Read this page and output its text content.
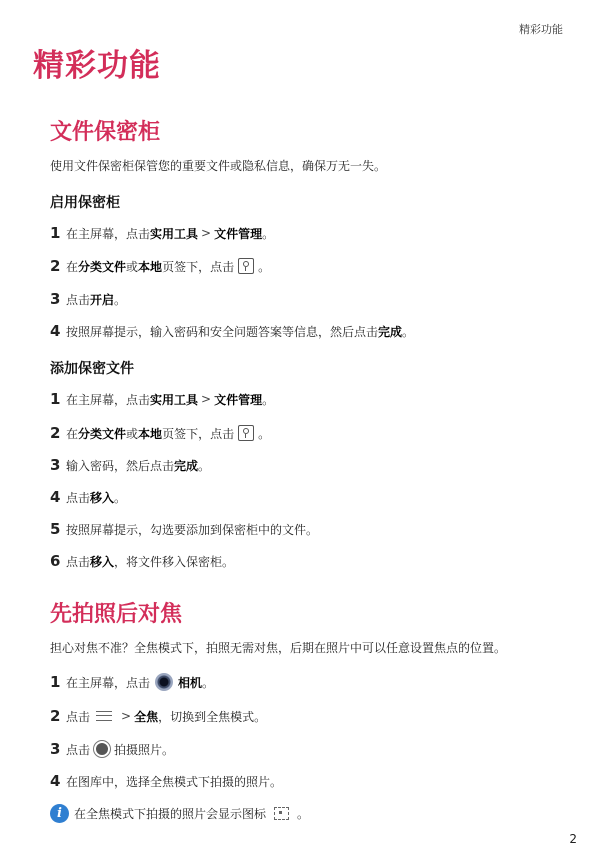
精彩功能
精彩功能
文件保密柜
使用文件保密柜保管您的重要文件或隐私信息，确保万无一失。
启用保密柜
1 在主屏幕，点击 实用工具 > 文件管理 。
2 在 分类文件 或 本地 页签下，点击 。
3 点击 开启 。
4 按照屏幕提示，输入密码和安全问题答案等信息，然后点击 完成 。
添加保密文件
1 在主屏幕，点击 实用工具 > 文件管理 。
2 在 分类文件 或 本地 页签下，点击 。
3 输入密码，然后点击 完成 。
4 点击 移入 。
5 按照屏幕提示，勾选要添加到保密柜中的文件。
6 点击 移入 ，将文件移入保密柜。
先拍照后对焦
担心对焦不准？全焦模式下，拍照无需对焦，后期在照片中可以任意设置焦点的位置。
1 在主屏幕，点击 相机 。
2 点击	> 全焦 ，切换到全焦模式。
3 点击 拍摄照片。
4 在图库中，选择全焦模式下拍摄的照片。
i	在全焦模式下拍摄的照片会显示图标	。
2
